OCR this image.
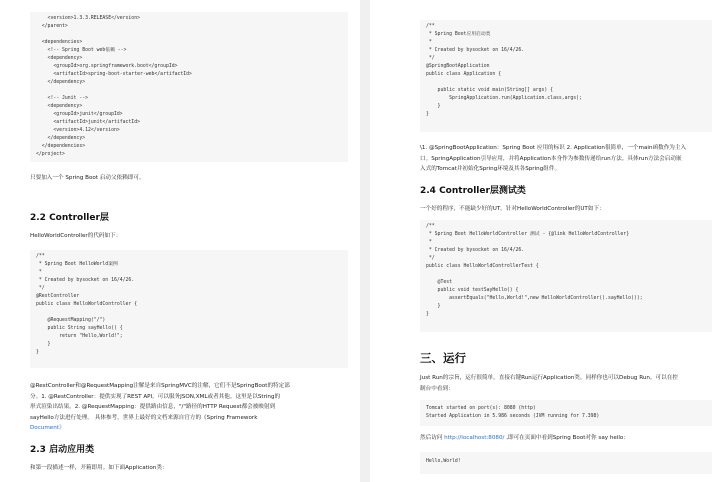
<version>1.3.3.RELEASE</version>
</parent>
<dependencies>
<!-- Spring Boot web依赖 -->
<dependency>
<groupId>org.springframework.boot</groupId>
<artifactId>spring-boot-starter-web</artifactId>
</dependency>
<!-- Junit -->
<dependency>
<groupId>junit</groupId>
<artifactId>junit</artifactId>
<version>4.12</version>
</dependency>
</dependencies>
</project>
只要加入一个 Spring Boot 启动父依赖即可。
2.2 Controller层
HelloWorldController的代码如下：
/**
* Spring Boot HelloWorld案例
*
* Created by bysocket on 16/4/26.
*/
@RestController
public class HelloWorldController {
@RequestMapping("/")
public String sayHello() {
return "Hello,World!";
}
}
@RestController和@RequestMapping注解是来自SpringMVC的注解，它们不是SpringBoot的特定部
分。1. @RestController：提供实现了REST API，可以服务JSON,XML或者其他。这里是以String的
形式渲染出结果。2. @RequestMapping：提供路由信息，"/"路径的HTTP Request都会被映射到
sayHello方法进行处理。 具体参考，世界上最好的文档来源自官方的《Spring Framework
Document》
2.3 启动应用类
和第一段描述一样，开箱即用。如下面Application类：
/**
* Spring Boot应用启动类
*
* Created by bysocket on 16/4/26.
*/
@SpringBootApplication
public class Application {
public static void main(String[] args) {
SpringApplication.run(Application.class,args);
}
}
\1. @SpringBootApplication：Spring Boot 应用的标识 2. Application很简单，一个main函数作为主入
口。SpringApplication引导应用，并将Application本身作为参数传递给run方法。具体run方法会启动嵌
入式的Tomcat并初始化Spring环境及其各Spring组件。
2.4 Controller层测试类
一个好的程序，不能缺少好的UT。针对HelloWorldController的UT如下：
/**
* Spring Boot HelloWorldController 测试 - {@link HelloWorldController}
*
* Created by bysocket on 16/4/26.
*/
public class HelloWorldControllerTest {
@Test
public void testSayHello() {
assertEquals("Hello,World!",new HelloWorldController().sayHello());
}
}
三、运行
Just Run的宗旨，运行很简单，直接右键Run运行Application类。同样你也可以Debug Run。可以在控
制台中看到：
Tomcat started on port(s): 8080 (http)
Started Application in 5.986 seconds (JVM running for 7.398)
然后访问 http://localhost:8080/ ,即可在页面中看到Spring Boot对你 say hello：
Hello,World!
